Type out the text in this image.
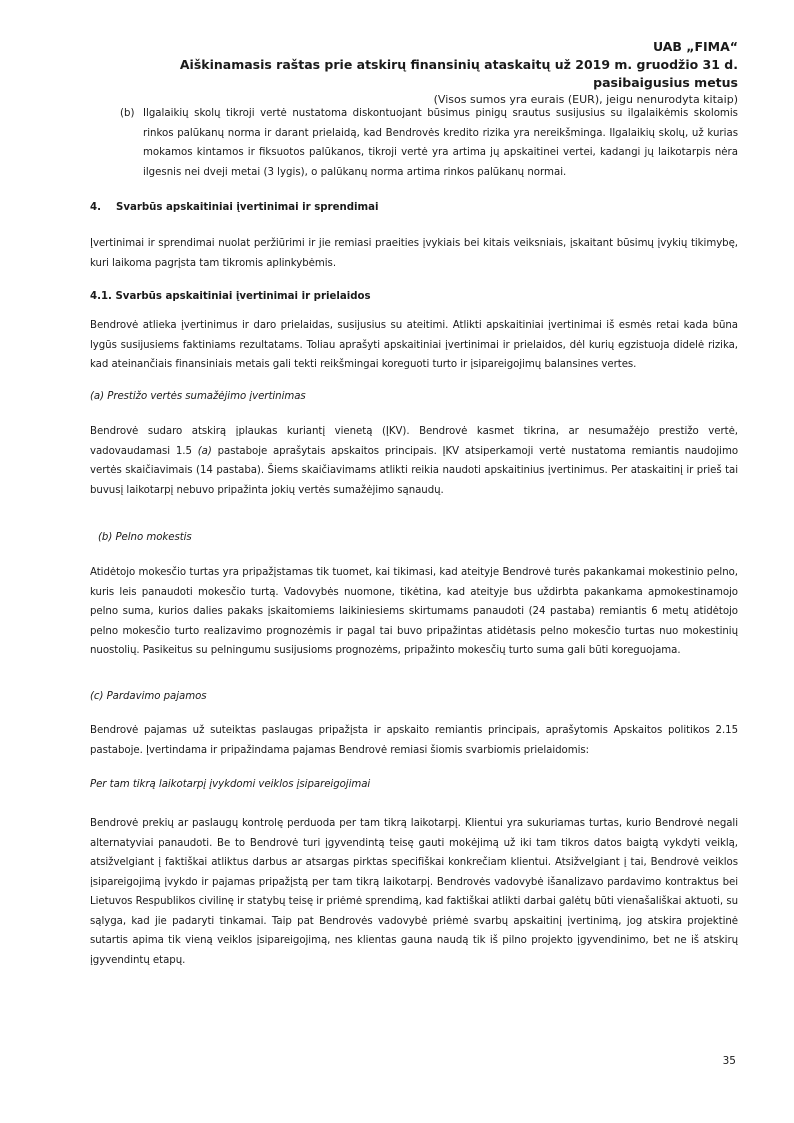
UAB „FIMA“
Aiškinamasis raštas prie atskirų finansinių ataskaitų už 2019 m. gruodžio 31 d. pasibaigusius metus
(Visos sumos yra eurais (EUR), jeigu nenurodyta kitaip)
(b) Ilgalaikių skolų tikroji vertė nustatoma diskontuojant būsimus pinigų srautus susijusius su ilgalaikėmis skolomis rinkos palūkanų norma ir darant prielaidą, kad Bendrovės kredito rizika yra nereikšminga. Ilgalaikių skolų, už kurias mokamos kintamos ir fiksuotos palūkanos, tikroji vertė yra artima jų apskaitinei vertei, kadangi jų laikotarpis nėra ilgesnis nei dveji metai (3 lygis), o palūkanų norma artima rinkos palūkanų normai.
4. Svarbūs apskaitiniai įvertinimai ir sprendimai
Įvertinimai ir sprendimai nuolat peržiūrimi ir jie remiasi praeities įvykiais bei kitais veiksniais, įskaitant būsimų įvykių tikimybę, kuri laikoma pagrįsta tam tikromis aplinkybėmis.
4.1. Svarbūs apskaitiniai įvertinimai ir prielaidos
Bendrovė atlieka įvertinimus ir daro prielaidas, susijusius su ateitimi. Atlikti apskaitiniai įvertinimai iš esmės retai kada būna lygūs susijusiems faktiniams rezultatams. Toliau aprašyti apskaitiniai įvertinimai ir prielaidos, dėl kurių egzistuoja didelė rizika, kad ateinančiais finansiniais metais gali tekti reikšmingai koreguoti turto ir įsipareigojimų balansines vertes.
(a) Prestižo vertės sumažėjimo įvertinimas
Bendrovė sudaro atskirą įplaukas kuriantį vienetą (ĮKV). Bendrovė kasmet tikrina, ar nesumažėjo prestižo vertė, vadovaudamasi 1.5 (a) pastaboje aprašytais apskaitos principais. ĮKV atsiperkamoji vertė nustatoma remiantis naudojimo vertės skaičiavimais (14 pastaba). Šiems skaičiavimams atlikti reikia naudoti apskaitinius įvertinimus. Per ataskaitinį ir prieš tai buvusį laikotarpį nebuvo pripažinta jokių vertės sumažėjimo sąnaudų.
(b) Pelno mokestis
Atidėtojo mokesčio turtas yra pripažįstamas tik tuomet, kai tikimasi, kad ateityje Bendrovė turės pakankamai mokestinio pelno, kuris leis panaudoti mokesčio turtą. Vadovybės nuomone, tikėtina, kad ateityje bus uždirbta pakankama apmokestinamojo pelno suma, kurios dalies pakaks įskaitomiems laikiniesiems skirtumams panaudoti (24 pastaba) remiantis 6 metų atidėtojo pelno mokesčio turto realizavimo prognozėmis ir pagal tai buvo pripažintas atidėtasis pelno mokesčio turtas nuo mokestinių nuostolių. Pasikeitus su pelningumu susijusioms prognozėms, pripažinto mokesčių turto suma gali būti koreguojama.
(c) Pardavimo pajamos
Bendrovė pajamas už suteiktas paslaugas pripažįsta ir apskaito remiantis principais, aprašytomis Apskaitos politikos 2.15 pastaboje. Įvertindama ir pripažindama pajamas Bendrovė remiasi šiomis svarbiomis prielaidomis:
Per tam tikrą laikotarpį įvykdomi veiklos įsipareigojimai
Bendrovė prekių ar paslaugų kontrolę perduoda per tam tikrą laikotarpį. Klientui yra sukuriamas turtas, kurio Bendrovė negali alternatyviai panaudoti. Be to Bendrovė turi įgyvendintą teisę gauti mokėjimą už iki tam tikros datos baigtą vykdyti veiklą, atsižvelgiant į faktiškai atliktus darbus ar atsargas pirktas specifiškai konkrečiam klientui. Atsižvelgiant į tai, Bendrovė veiklos įsipareigojimą įvykdo ir pajamas pripažįstą per tam tikrą laikotarpį. Bendrovės vadovybė išanalizavo pardavimo kontraktus bei Lietuvos Respublikos civilinę ir statybų teisę ir priėmė sprendimą, kad faktiškai atlikti darbai galėtų būti vienašališkai aktuoti, su sąlyga, kad jie padaryti tinkamai. Taip pat Bendrovės vadovybė priėmė svarbų apskaitinį įvertinimą, jog atskira projektinė sutartis apima tik vieną veiklos įsipareigojimą, nes klientas gauna naudą tik iš pilno projekto įgyvendinimo, bet ne iš atskirų įgyvendintų etapų.
35
